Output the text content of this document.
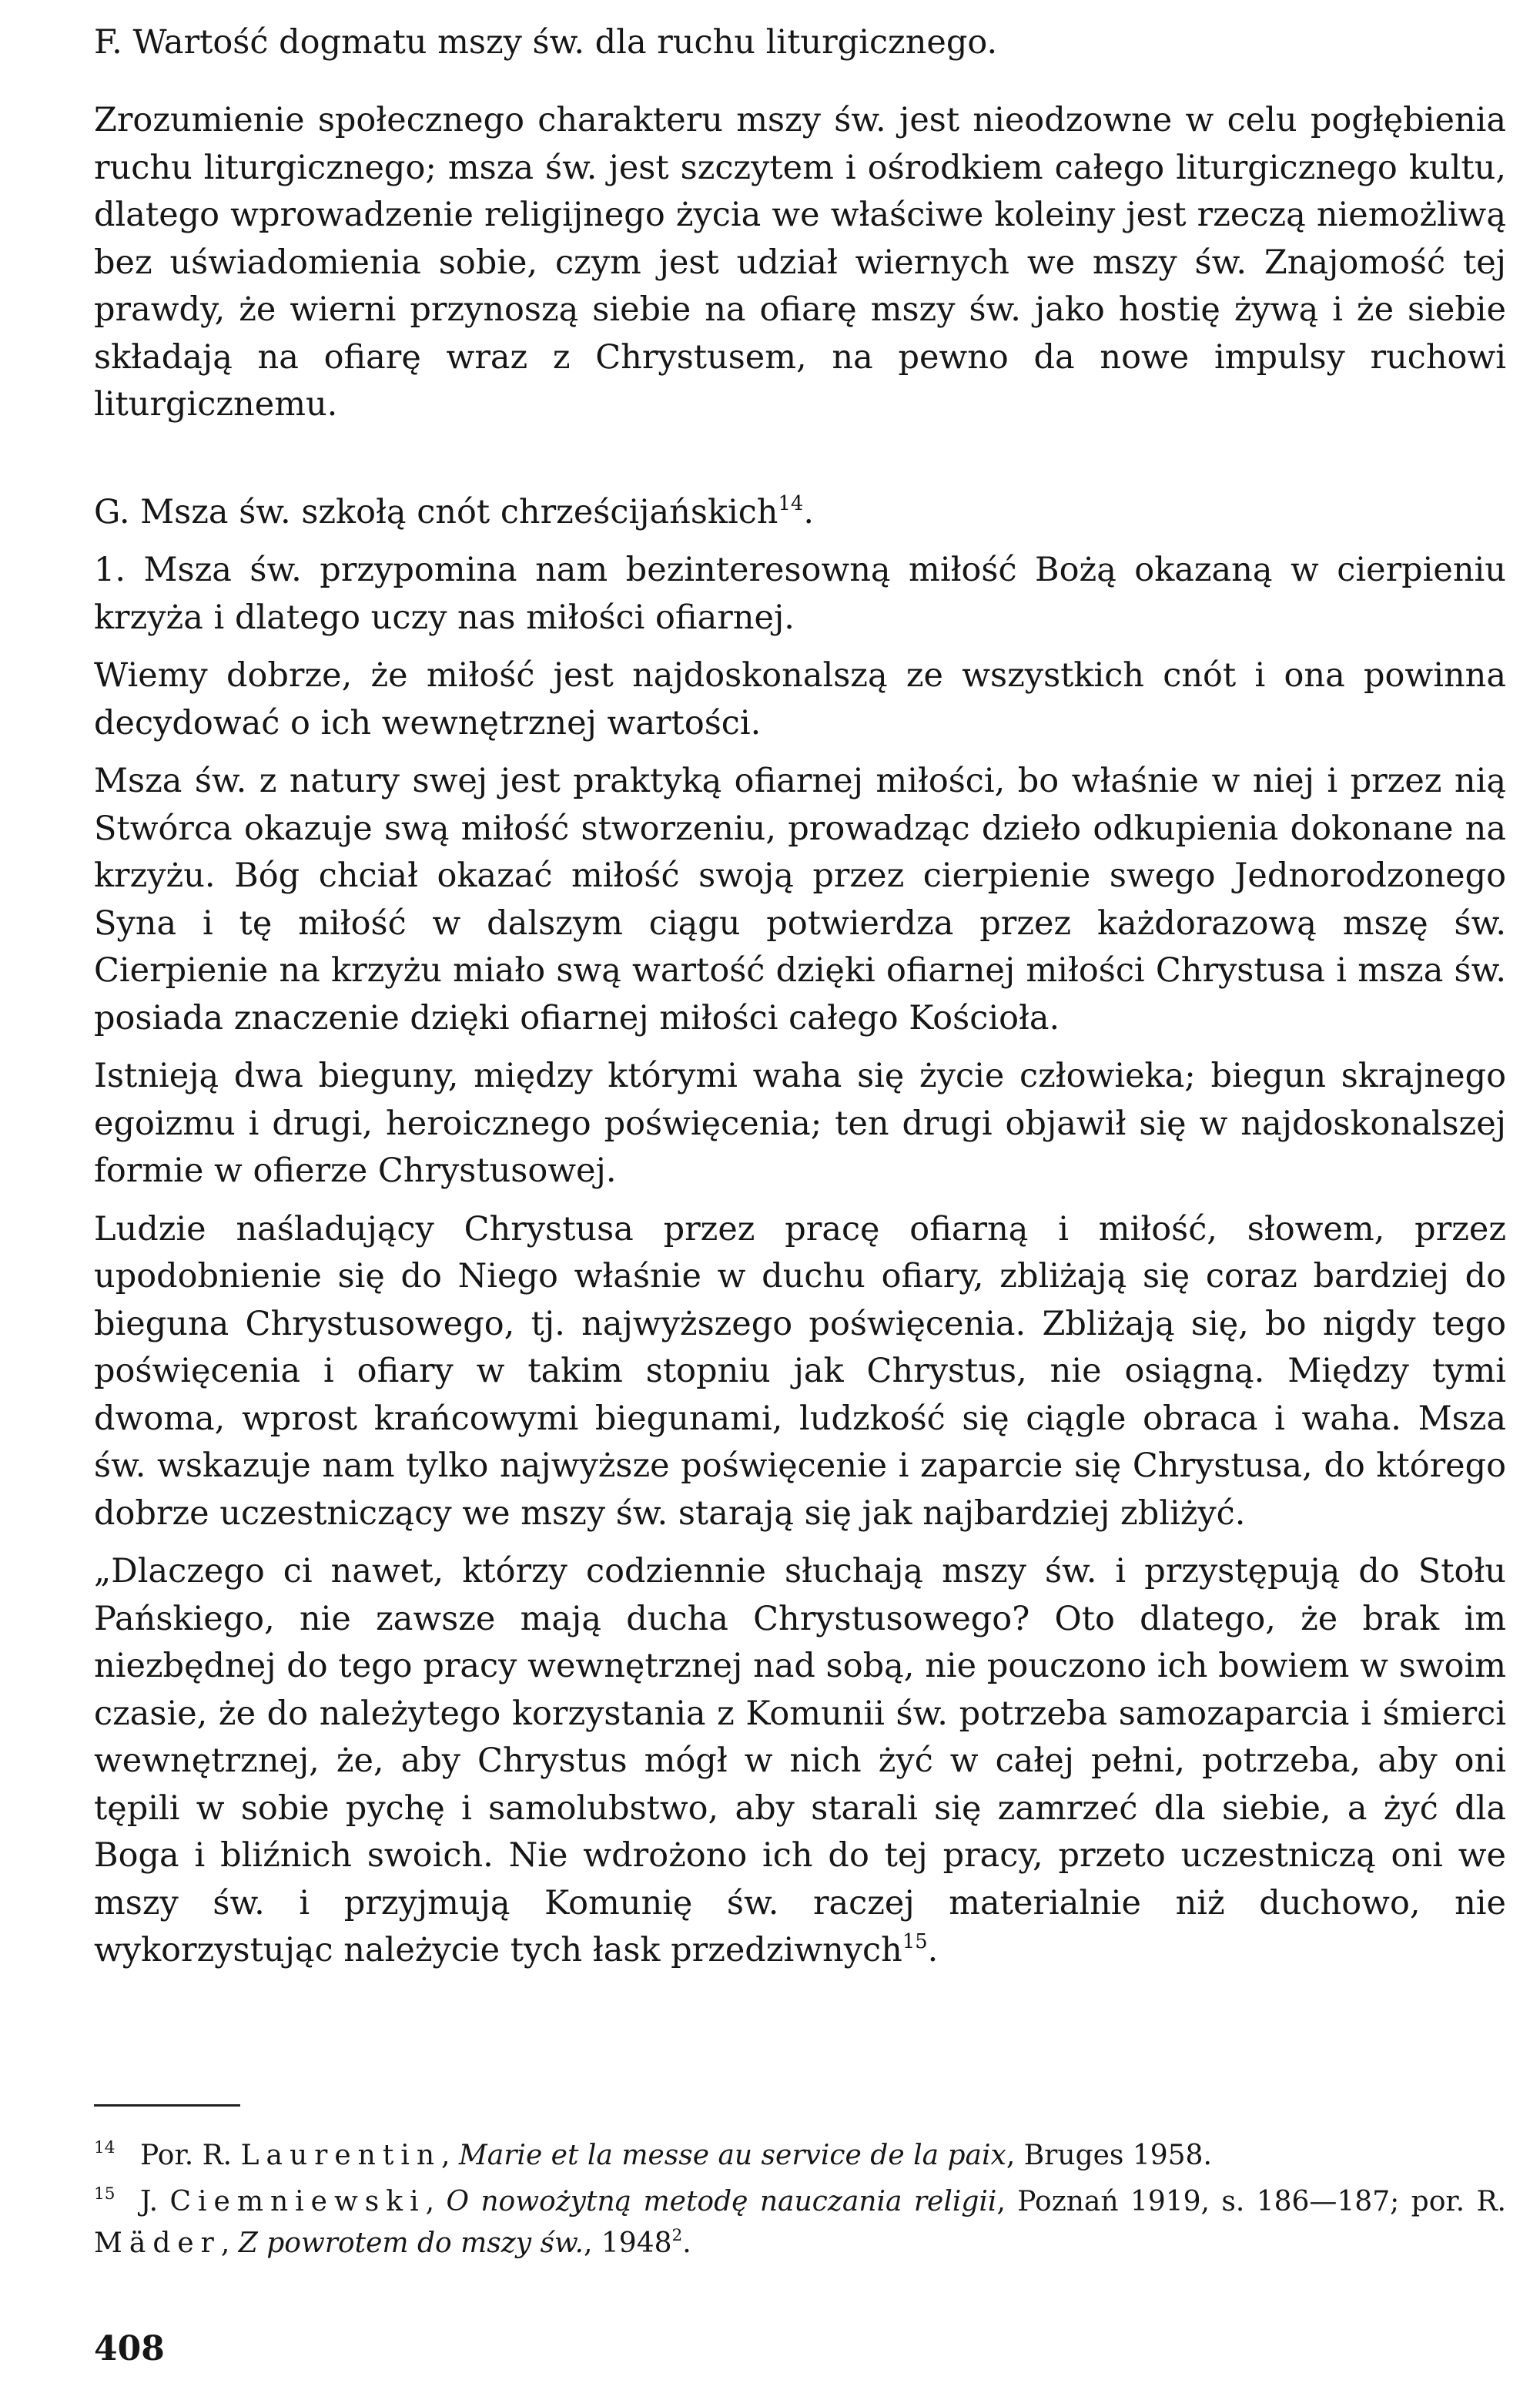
F. Wartość dogmatu mszy św. dla ruchu liturgicznego.

Zrozumienie społecznego charakteru mszy św. jest nieodzowne w celu pogłębienia ruchu liturgicznego; msza św. jest szczytem i ośrodkiem całego liturgicznego kultu, dlatego wprowadzenie religijnego życia we właściwe koleiny jest rzeczą niemożliwą bez uświadomienia sobie, czym jest udział wiernych we mszy św. Znajomość tej prawdy, że wierni przynoszą siebie na ofiarę mszy św. jako hostię żywą i że siebie składają na ofiarę wraz z Chrystusem, na pewno da nowe impulsy ruchowi liturgicznemu.

G. Msza św. szkołą cnót chrześcijańskich$^{14}$.

1. Msza św. przypomina nam bezinteresowną miłość Bożą okazaną w cierpieniu krzyża i dlatego uczy nas miłości ofiarnej.

Wiemy dobrze, że miłość jest najdoskonalszą ze wszystkich cnót i ona powinna decydować o ich wewnętrznej wartości.

Msza św. z natury swej jest praktyką ofiarnej miłości, bo właśnie w niej i przez nią Stwórca okazuje swą miłość stworzeniu, prowadząc dzieło odkupienia dokonane na krzyżu. Bóg chciał okazać miłość swoją przez cierpienie swego Jednorodzonego Syna i tę miłość w dalszym ciągu potwierdza przez każdorazową mszę św. Cierpienie na krzyżu miało swą wartość dzięki ofiarnej miłości Chrystusa i msza św. posiada znaczenie dzięki ofiarnej miłości całego Kościoła.

Istnieją dwa bieguny, między którymi waha się życie człowieka; biegun skrajnego egoizmu i drugi, heroicznego poświęcenia; ten drugi objawił się w najdoskonalszej formie w ofierze Chrystusowej.

Ludzie naśladujący Chrystusa przez pracę ofiarną i miłość, słowem, przez upodobnienie się do Niego właśnie w duchu ofiary, zbliżają się coraz bardziej do bieguna Chrystusowego, tj. najwyższego poświęcenia. Zbliżają się, bo nigdy tego poświęcenia i ofiary w takim stopniu jak Chrystus, nie osiągną. Między tymi dwoma, wprost krańcowymi biegunami, ludzkość się ciągle obraca i waha. Msza św. wskazuje nam tylko najwyższe poświęcenie i zaparcie się Chrystusa, do którego dobrze uczestniczący we mszy św. starają się jak najbardziej zbliżyć.

„Dlaczego ci nawet, którzy codziennie słuchają mszy św. i przystępują do Stołu Pańskiego, nie zawsze mają ducha Chrystusowego? Oto dlatego, że brak im niezbędnej do tego pracy wewnętrznej nad sobą, nie pouczono ich bowiem w swoim czasie, że do należytego korzystania z Komunii św. potrzeba samozaparcia i śmierci wewnętrznej, że, aby Chrystus mógł w nich żyć w całej pełni, potrzeba, aby oni tępili w sobie pychę i samolubstwo, aby starali się zamrzeć dla siebie, a żyć dla Boga i bliźnich swoich. Nie wdrożono ich do tej pracy, przeto uczestniczą oni we mszy św. i przyjmują Komunię św. raczej materialnie niż duchowo, nie wykorzystując należycie tych łask przedziwnych$^{15}$.

$^{14}$ Por. R. Laurentin, Marie et la messe au service de la paix, Bruges 1958.

$^{15}$ J. Ciemniewski, O nowożytną metodę nauczania religii, Poznań 1919, s. 186—187; por. R. Mäder, Z powrotem do mszy św., 1948$^2$.

408
